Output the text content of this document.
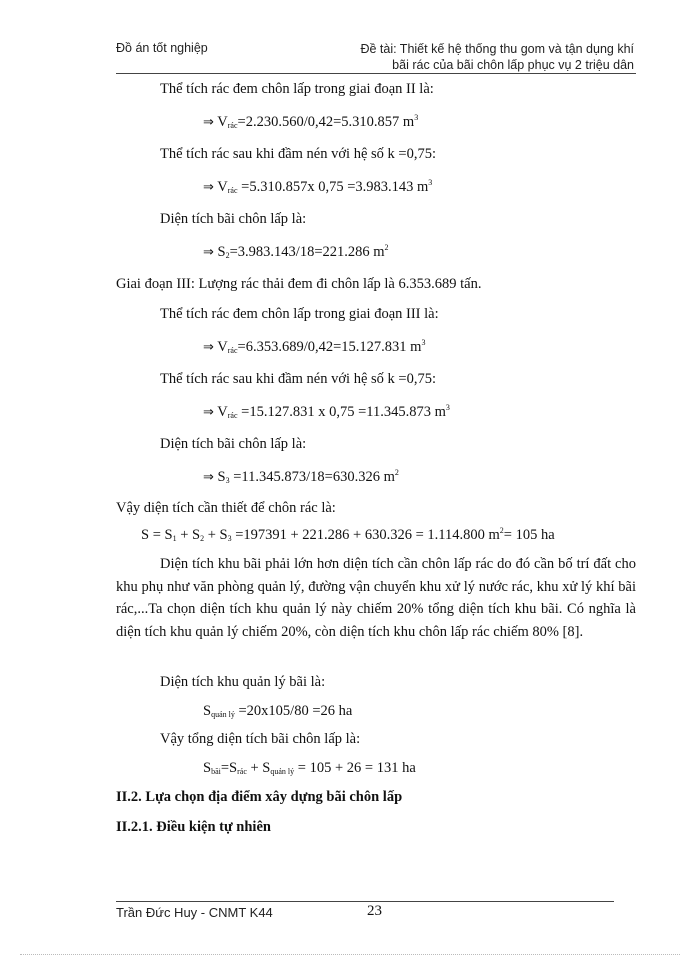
Đồ án tốt nghiệp	Đề tài: Thiết kế hệ thống thu gom và tận dụng khí
bãi rác của bãi chôn lấp phục vụ 2 triệu dân
Thể tích rác đem chôn lấp trong giai đoạn II là:
⇒ $V_{rác}=2.230.560/0,42=5.310.857$ $m^3$
Thể tích rác sau khi đầm nén với hệ số k =0,75:
⇒ $V_{rác} =5.310.857x$ 0,75 =3.983.143 $m^3$
Diện tích bãi chôn lấp là:
⇒ $S_2=3.983.143/18=221.286$ $m^2$
Giai đoạn III: Lượng rác thải đem đi chôn lấp là 6.353.689 tấn.
Thể tích rác đem chôn lấp trong giai đoạn III là:
⇒ $V_{rác}=6.353.689/0,42=15.127.831$ $m^3$
Thể tích rác sau khi đầm nén với hệ số k =0,75:
⇒ $V_{rác} =15.127.831$ x 0,75 =11.345.873 $m^3$
Diện tích bãi chôn lấp là:
⇒ $S_3 =11.345.873/18=630.326$ $m^2$
Vậy diện tích cần thiết để chôn rác là:
$S = S_1 + S_2 + S_3 =197391 + 221.286 + 630.326 = 1.114.800$ $m^2= 105$ ha
Diện tích khu bãi phải lớn hơn diện tích cần chôn lấp rác do đó cần bố trí đất cho khu phụ như văn phòng quản lý, đường vận chuyển khu xử lý nước rác, khu xử lý khí bãi rác,...Ta chọn diện tích khu quản lý này chiếm 20% tổng diện tích khu bãi. Có nghĩa là diện tích khu quản lý chiếm 20%, còn diện tích khu chôn lấp rác chiếm 80% [8].
Diện tích khu quản lý bãi là:
$S_{quản lý} =20x105/80 =26$ ha
Vậy tổng diện tích bãi chôn lấp là:
$S_{bãi}=S_{rác} + S_{quản lý} = 105 + 26 = 131$ ha
II.2. Lựa chọn địa điểm xây dựng bãi chôn lấp
II.2.1. Điều kiện tự nhiên
Trần Đức Huy - CNMT K44	23
